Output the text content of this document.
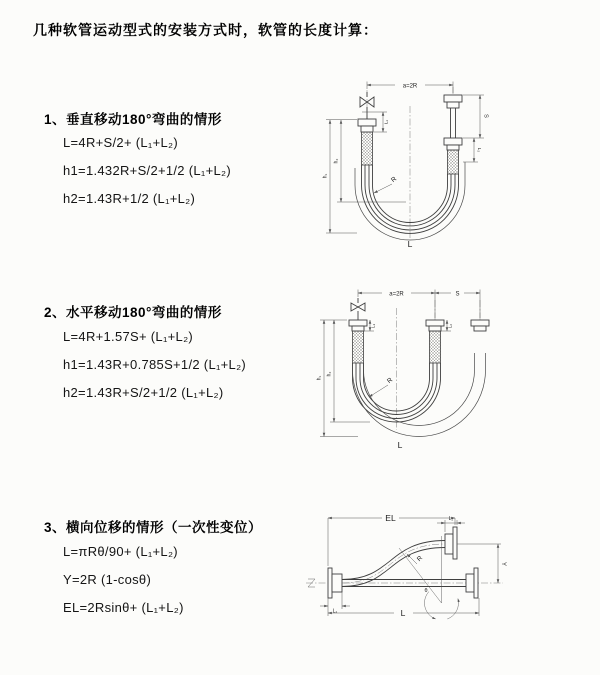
几种软管运动型式的安装方式时，软管的长度计算：
1、垂直移动180°弯曲的情形
L=4R+S/2+ (L₁+L₂)
h1=1.432R+S/2+1/2 (L₁+L₂)
h2=1.43R+1/2 (L₁+L₂)
2、水平移动180°弯曲的情形
L=4R+1.57S+ (L₁+L₂)
h1=1.43R+0.785S+1/2 (L₁+L₂)
h2=1.43R+S/2+1/2 (L₁+L₂)
3、横向位移的情形（一次性变位）
L=πRθ/90+ (L₁+L₂)
Y=2R (1-cosθ)
EL=2Rsinθ+ (L₁+L₂)
a=2R
S
L₂
h₁
h₂
L₁
R
L
a=2R	S
h₁
h₂
L₁	L₂
R
L
EL	L₂
Y
R
θ
L
L₁
